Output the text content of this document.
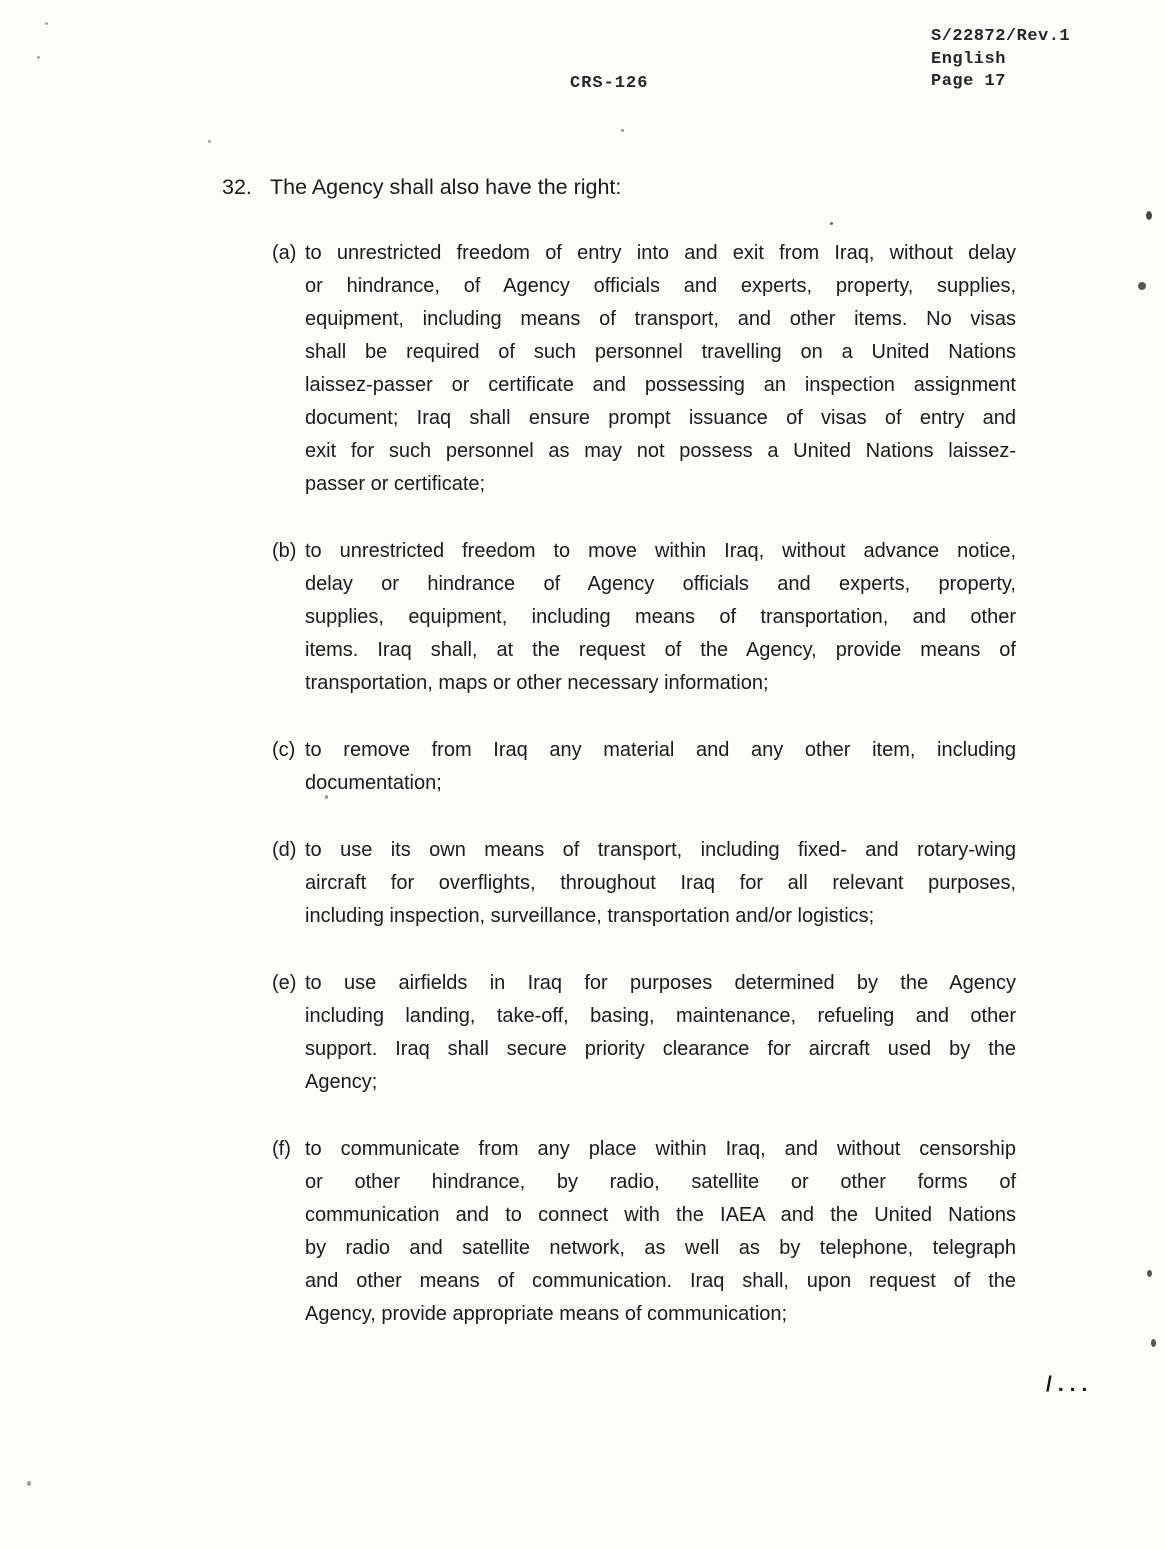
CRS-126
S/22872/Rev.1
English
Page 17
32. The Agency shall also have the right:
(a) to unrestricted freedom of entry into and exit from Iraq, without delay
or hindrance, of Agency officials and experts, property, supplies,
equipment, including means of transport, and other items. No visas
shall be required of such personnel travelling on a United Nations
laissez-passer or certificate and possessing an inspection assignment
document; Iraq shall ensure prompt issuance of visas of entry and
exit for such personnel as may not possess a United Nations laissez-
passer or certificate;
(b) to unrestricted freedom to move within Iraq, without advance notice,
delay or hindrance of Agency officials and experts, property,
supplies, equipment, including means of transportation, and other
items. Iraq shall, at the request of the Agency, provide means of
transportation, maps or other necessary information;
(c) to remove from Iraq any material and any other item, including
documentation;
(d) to use its own means of transport, including fixed- and rotary-wing
aircraft for overflights, throughout Iraq for all relevant purposes,
including inspection, surveillance, transportation and/or logistics;
(e) to use airfields in Iraq for purposes determined by the Agency
including landing, take-off, basing, maintenance, refueling and other
support. Iraq shall secure priority clearance for aircraft used by the
Agency;
(f) to communicate from any place within Iraq, and without censorship
or other hindrance, by radio, satellite or other forms of
communication and to connect with the IAEA and the United Nations
by radio and satellite network, as well as by telephone, telegraph
and other means of communication. Iraq shall, upon request of the
Agency, provide appropriate means of communication;
/...
